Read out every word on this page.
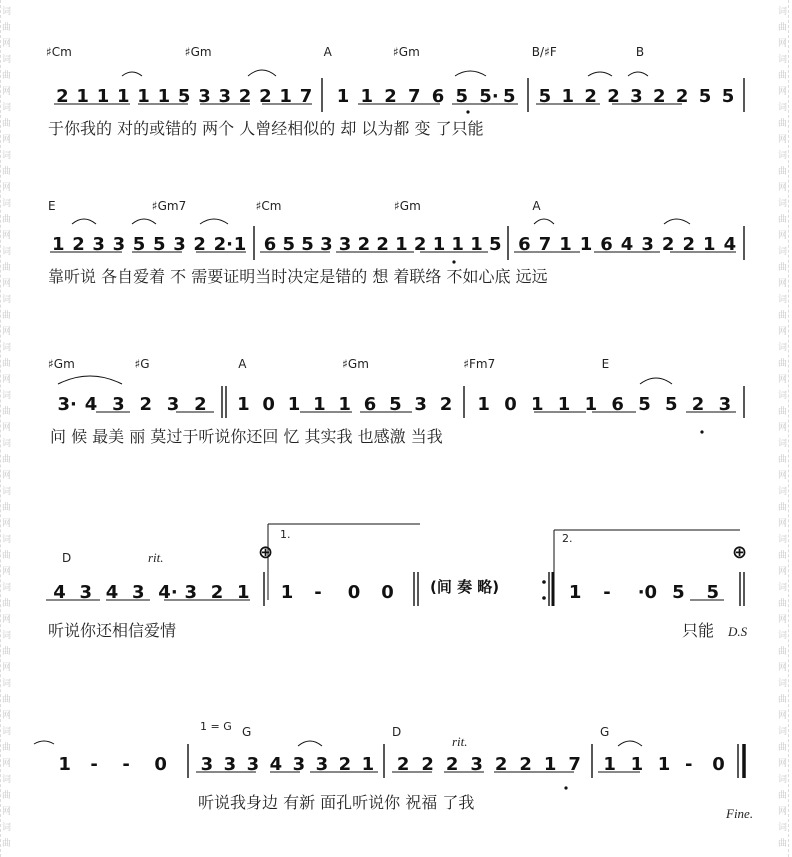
词	词
曲	曲
网	网
词	词
曲	曲
网	网
词	词
曲	曲
网	网
词	词
曲	曲
网	网
词	词
曲	曲
网	网
词	词
曲	曲
网	网
词	词
曲	曲
网	网
词	词
曲	曲
网	网
词	词
曲	曲
网	网
词	词
曲	曲
网	网
词	词
曲	曲
网	网
词	词
曲	曲
网	网
词	词
曲	曲
网	网
词	词
曲	曲
网	网
词	词
曲	曲
网	网
词	词
曲	曲
网	网
词	词
曲	曲
网	网
词	词
曲	曲
♯Cm	♯Gm	A	♯Gm	B/♯F	B
2 1 1 1 1 1 5 3 3 2 2 1 7 1 1 2 7 6 5 5· 5 5 1 2 2 3 2 2 5 5
于你我的 对的或错的 两个 人曾经相似的 却 以为都 变 了只能
E	♯Gm7	♯Cm	♯Gm	A
1 2 3 3 5 5 3 2 2· 1 6 5 5 3 3 2 2 1 2 1 1 1 5 6 7 1 1 6 4 3 2 2 1 4
靠听说 各自爱着 不 需要证明当时决定是错的 想 着联络 不如心底 远远
♯Gm	♯G	A	♯Gm	♯Fm7	E
3· 4 3 2 3 2 1 0 1 1 1 6 5 3 2 1 0 1 1 1 6 5 5 2 3
问 候 最美 丽 莫过于听说你还回 忆 其实我 也感激 当我
D	rit.
1.
⊕
2.
⊕
4 3 4 3 4· 3 2 1 1 - 0 0	1 - ·0 5 5
(间 奏 略)
听说你还相信爱情	只能 D.S
1 = G G	D	G
rit.
1 - - 0 3 3 3 4 3 3 2 1 2 2 2 3 2 2 1 7 1 1 1 - 0
听说我身边 有新 面孔听说你 祝福 了我
Fine.
